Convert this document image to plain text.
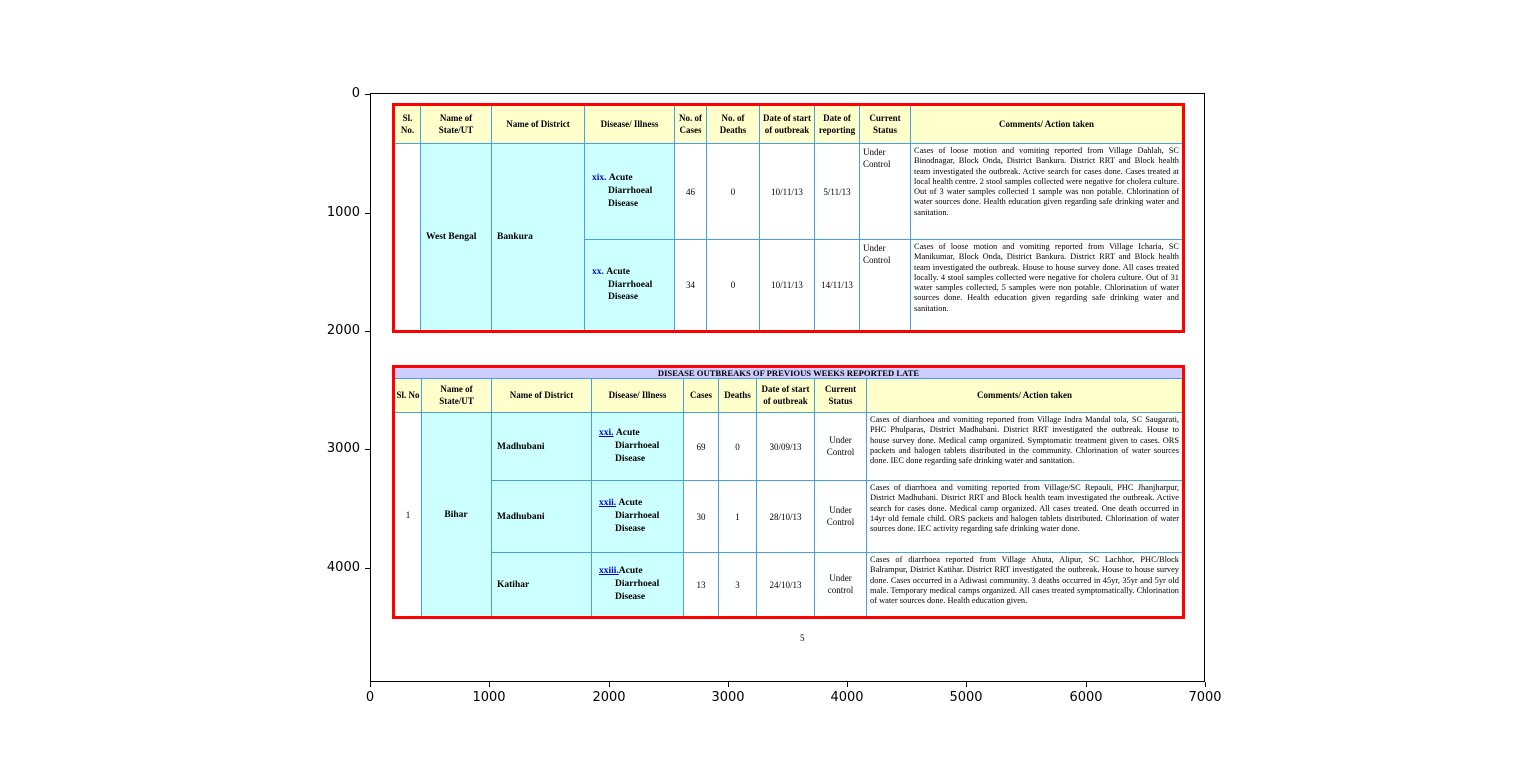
0	1000	2000	3000	4000	5000	6000	7000
0
1000
2000
3000
4000
Sl. No.	Name of State/UT	Name of District	Disease/ Illness	No. of Cases	No. of Deaths	Date of start of outbreak	Date of reporting	Current Status	Comments/ Action taken
	West Bengal	Bankura	xix. Acute Diarrhoeal Disease	46	0	10/11/13	5/11/13	Under Control	Cases of loose motion and vomiting reported from Village Dahlah, SC Binodnagar, Block Onda, District Bankura. District RRT and Block health team investigated the outbreak. Active search for cases done. Cases treated at local health centre. 2 stool samples collected were negative for cholera culture. Out of 3 water samples collected 1 sample was non potable. Chlorination of water sources done. Health education given regarding safe drinking water and sanitation.

			xx. Acute Diarrhoeal Disease	34	0	10/11/13	14/11/13	Under Control	Cases of loose motion and vomiting reported from Village Icharia, SC Manikumar, Block Onda, District Bankura. District RRT and Block health team investigated the outbreak. House to house survey done. All cases treated locally. 4 stool samples collected were negative for cholera culture. Out of 31 water samples collected, 5 samples were non potable. Chlorination of water sources done. Health education given regarding safe drinking water and sanitation.
DISEASE OUTBREAKS OF PREVIOUS WEEKS REPORTED LATE								
Sl. No	Name of State/UT	Name of District	Disease/ Illness	Cases	Deaths	Date of start of outbreak	Current Status	Comments/ Action taken
1	Bihar	Madhubani	xxi. Acute Diarrhoeal Disease	69	0	30/09/13	Under Control	Cases of diarrhoea and vomiting reported from Village Indra Mandal tola, SC Saugarati, PHC Phulparas, District Madhubani. District RRT investigated the outbreak. House to house survey done. Medical camp organized. Symptomatic treatment given to cases. ORS packets and halogen tablets distributed in the community. Chlorination of water sources done. IEC done regarding safe drinking water and sanitation.
		Madhubani	xxii. Acute Diarrhoeal Disease	30	1	28/10/13	Under Control	Cases of diarrhoea and vomiting reported from Village/SC Repauli, PHC Jhanjharpur, District Madhubani. District RRT and Block health team investigated the outbreak. Active search for cases done. Medical camp organized. All cases treated. One death occurred in 14yr old female child. ORS packets and halogen tablets distributed. Chlorination of water sources done. IEC activity regarding safe drinking water done.
		Katihar	xxiii.Acute Diarrhoeal Disease	13	3	24/10/13	Under control	Cases of diarrhoea reported from Village Ahuta, Alipur, SC Lachhor, PHC/Block Balrampur, District Katihar. District RRT investigated the outbreak. House to house survey done. Cases occurred in a Adiwasi community. 3 deaths occurred in 45yr, 35yr and 5yr old male. Temporary medical camps organized. All cases treated symptomatically. Chlorination of water sources done. Health education given.
5
